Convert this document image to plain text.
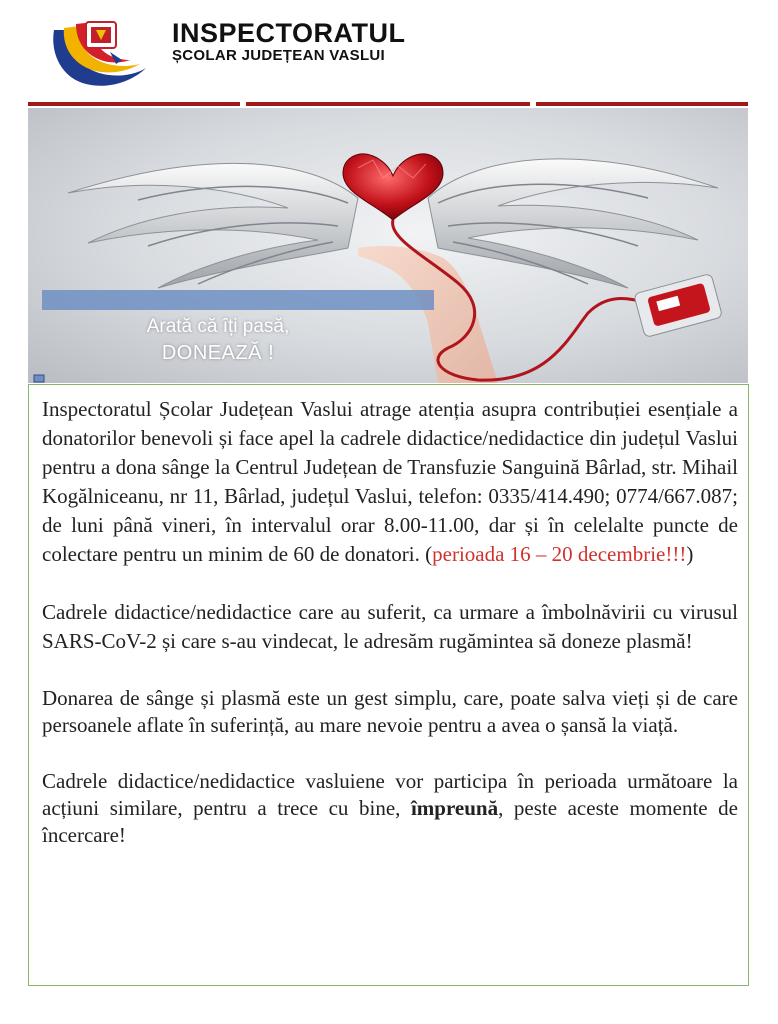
INSPECTORATUL
ȘCOLAR JUDEȚEAN VASLUI
Arată că îți pasă,
DONEAZĂ !

Inspectoratul Școlar Județean Vaslui atrage atenția asupra contribuției esențiale a donatorilor benevoli și face apel la cadrele didactice/nedidactice din județul Vaslui pentru a dona sânge la Centrul Județean de Transfuzie Sanguină Bârlad, str. Mihail Kogălniceanu, nr 11, Bârlad, județul Vaslui, telefon: 0335/414.490; 0774/667.087; de luni până vineri, în intervalul orar 8.00-11.00, dar și în celelalte puncte de colectare pentru un minim de 60 de donatori. (perioada 16 – 20 decembrie!!!)

Cadrele didactice/nedidactice care au suferit, ca urmare a îmbolnăvirii cu virusul SARS-CoV-2 și care s-au vindecat, le adresăm rugămintea să doneze plasmă!

Donarea de sânge și plasmă este un gest simplu, care, poate salva vieți și de care persoanele aflate în suferință, au mare nevoie pentru a avea o șansă la viață.

Cadrele didactice/nedidactice vasluiene vor participa în perioada următoare la acțiuni similare, pentru a trece cu bine, împreună, peste aceste momente de încercare!
